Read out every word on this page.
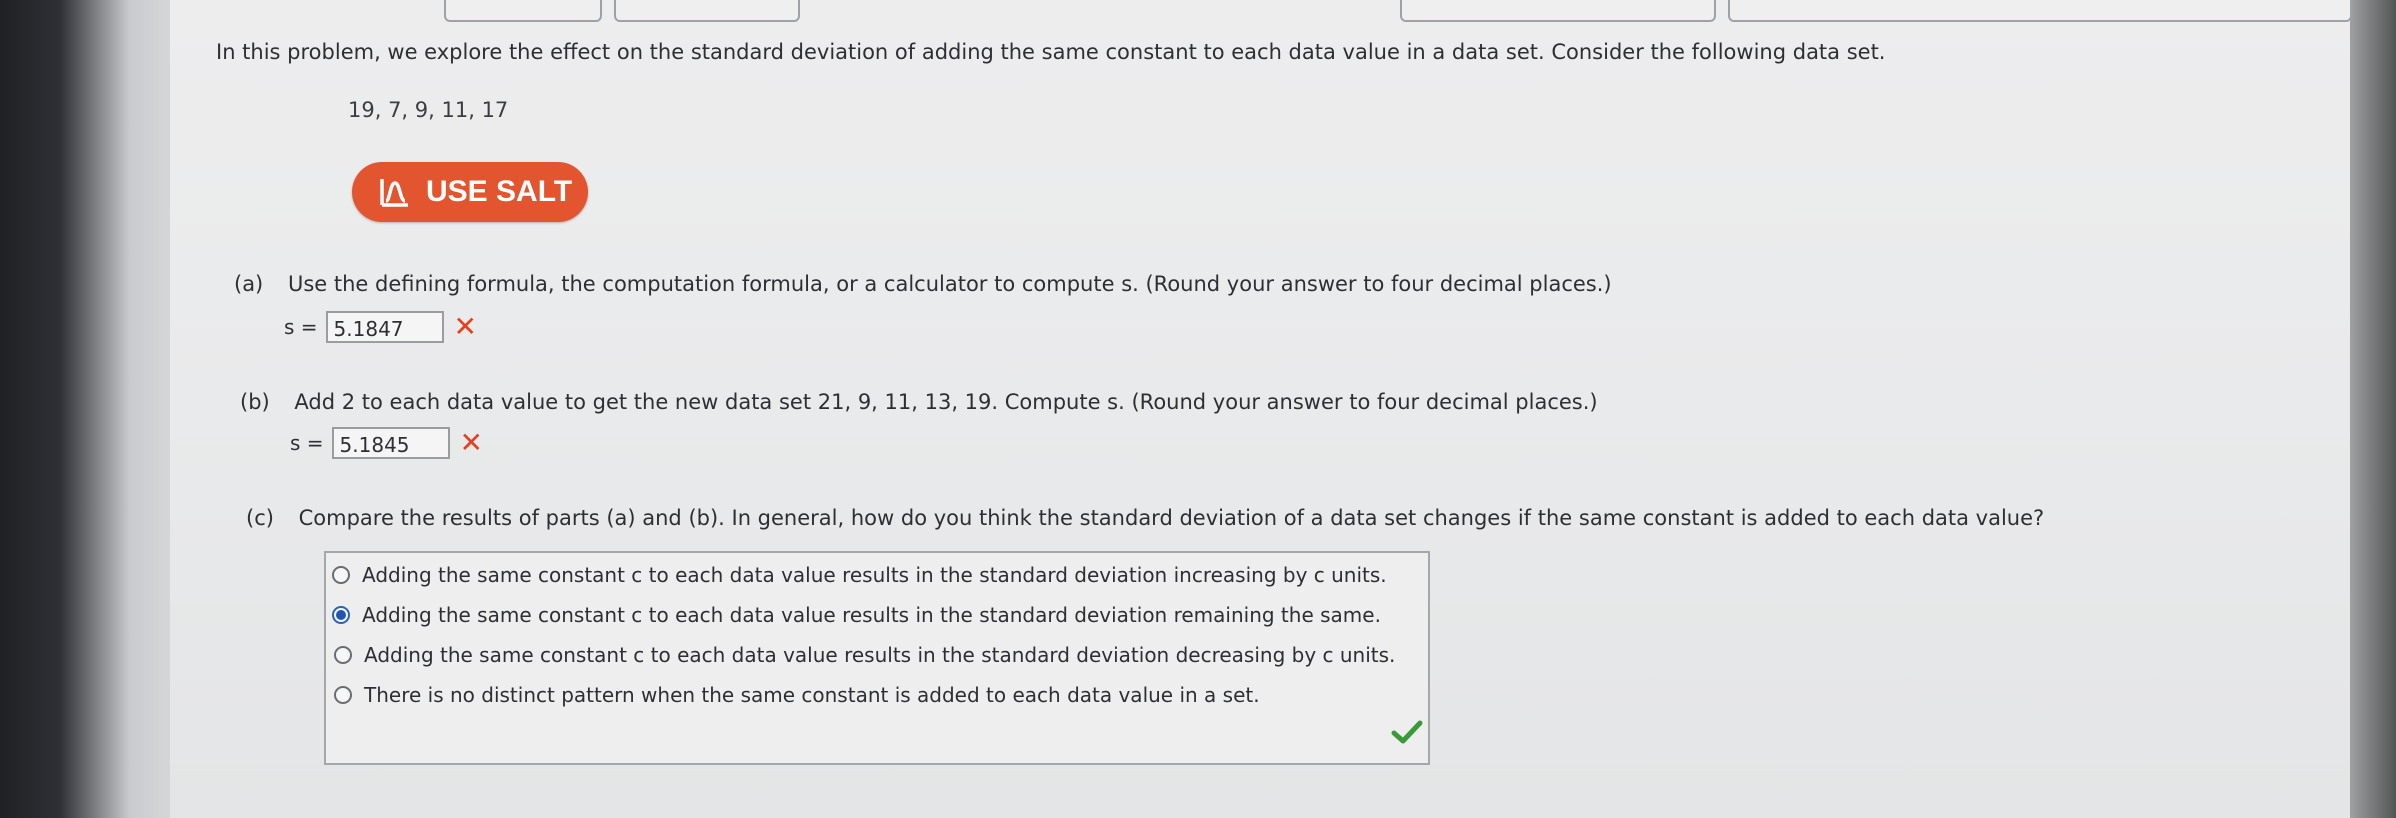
In this problem, we explore the effect on the standard deviation of adding the same constant to each data value in a data set. Consider the following data set.
19, 7, 9, 11, 17
USE SALT
(a) Use the defining formula, the computation formula, or a calculator to compute s. (Round your answer to four decimal places.)
s = 5.1847	✕
(b) Add 2 to each data value to get the new data set 21, 9, 11, 13, 19. Compute s. (Round your answer to four decimal places.)
s = 5.1845	✕
(c) Compare the results of parts (a) and (b). In general, how do you think the standard deviation of a data set changes if the same constant is added to each data value?
Adding the same constant c to each data value results in the standard deviation increasing by c units.
Adding the same constant c to each data value results in the standard deviation remaining the same.
Adding the same constant c to each data value results in the standard deviation decreasing by c units.
There is no distinct pattern when the same constant is added to each data value in a set.
